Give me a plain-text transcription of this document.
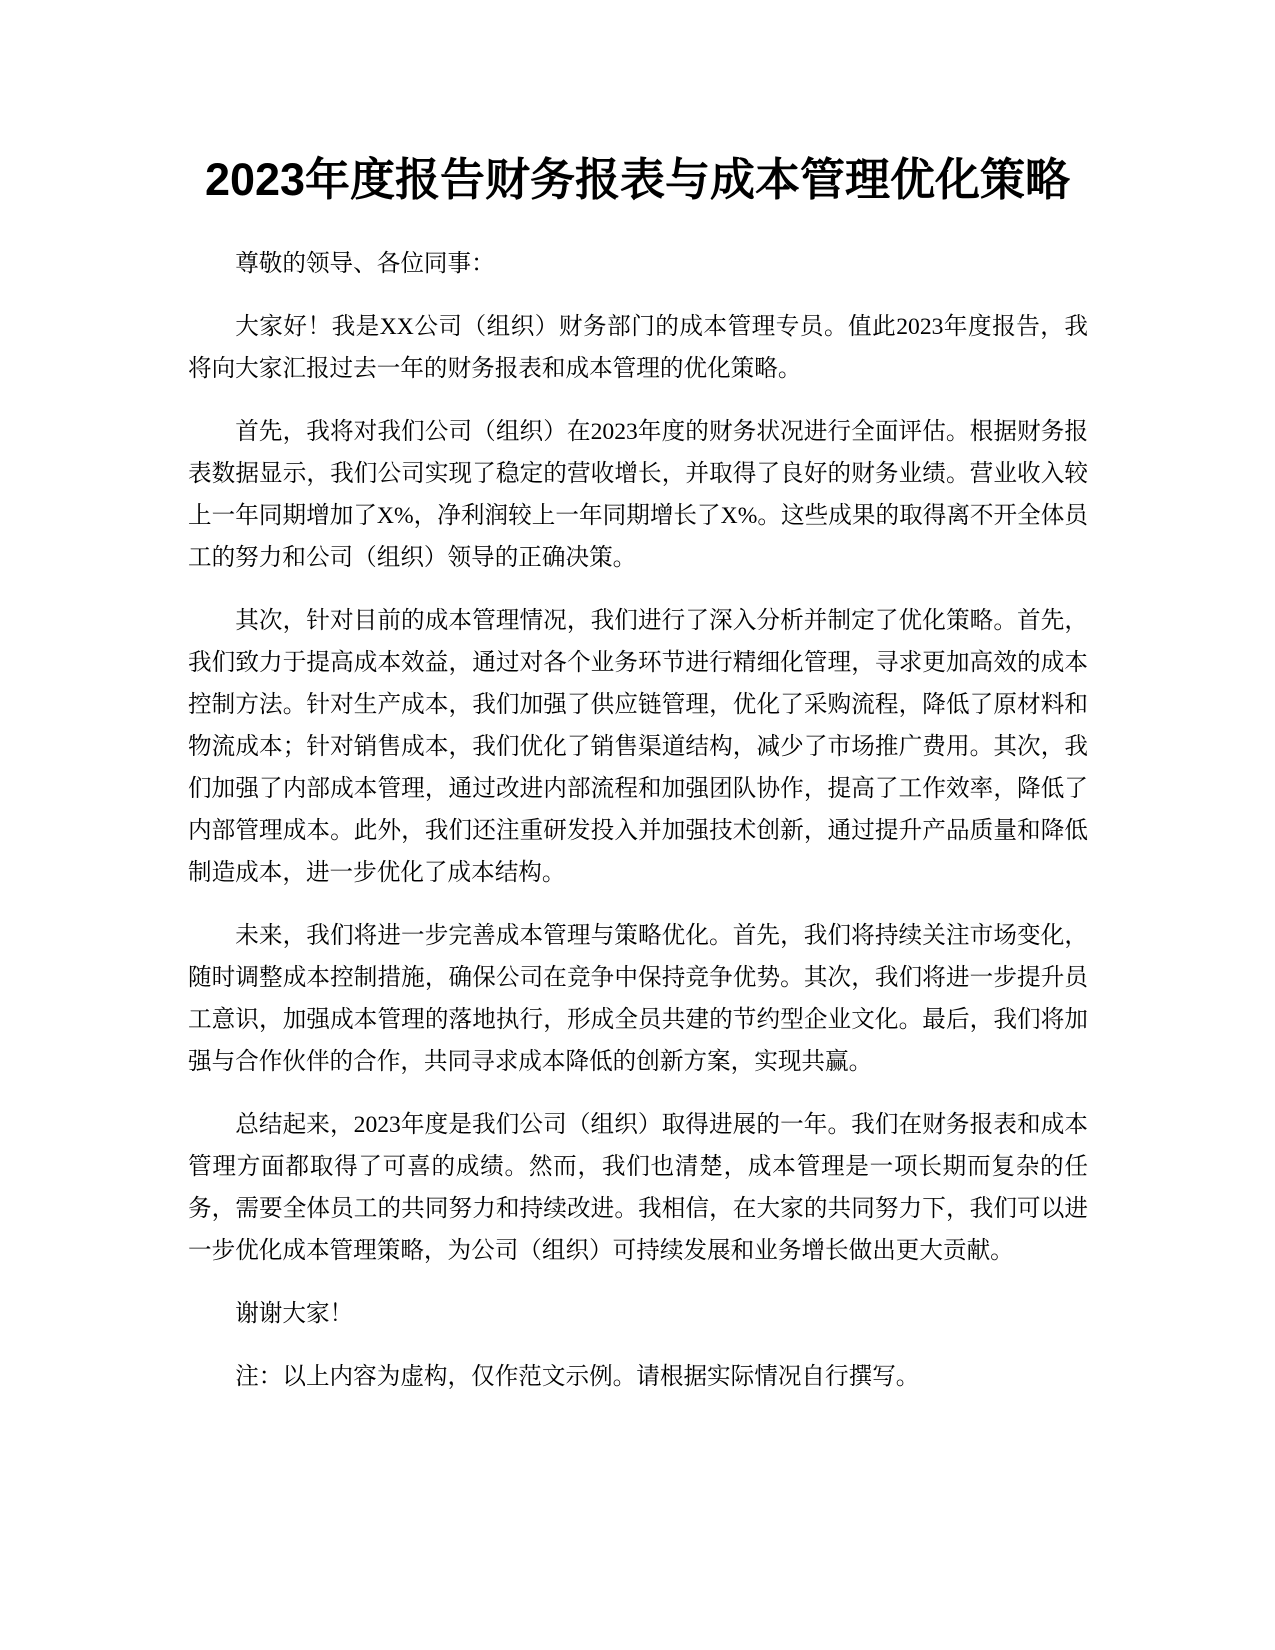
2023年度报告财务报表与成本管理优化策略

尊敬的领导、各位同事：

大家好！我是XX公司（组织）财务部门的成本管理专员。值此2023年度报告，我将向大家汇报过去一年的财务报表和成本管理的优化策略。

首先，我将对我们公司（组织）在2023年度的财务状况进行全面评估。根据财务报表数据显示，我们公司实现了稳定的营收增长，并取得了良好的财务业绩。营业收入较上一年同期增加了X%，净利润较上一年同期增长了X%。这些成果的取得离不开全体员工的努力和公司（组织）领导的正确决策。

其次，针对目前的成本管理情况，我们进行了深入分析并制定了优化策略。首先，我们致力于提高成本效益，通过对各个业务环节进行精细化管理，寻求更加高效的成本控制方法。针对生产成本，我们加强了供应链管理，优化了采购流程，降低了原材料和物流成本；针对销售成本，我们优化了销售渠道结构，减少了市场推广费用。其次，我们加强了内部成本管理，通过改进内部流程和加强团队协作，提高了工作效率，降低了内部管理成本。此外，我们还注重研发投入并加强技术创新，通过提升产品质量和降低制造成本，进一步优化了成本结构。

未来，我们将进一步完善成本管理与策略优化。首先，我们将持续关注市场变化，随时调整成本控制措施，确保公司在竞争中保持竞争优势。其次，我们将进一步提升员工意识，加强成本管理的落地执行，形成全员共建的节约型企业文化。最后，我们将加强与合作伙伴的合作，共同寻求成本降低的创新方案，实现共赢。

总结起来，2023年度是我们公司（组织）取得进展的一年。我们在财务报表和成本管理方面都取得了可喜的成绩。然而，我们也清楚，成本管理是一项长期而复杂的任务，需要全体员工的共同努力和持续改进。我相信，在大家的共同努力下，我们可以进一步优化成本管理策略，为公司（组织）可持续发展和业务增长做出更大贡献。

谢谢大家！

注：以上内容为虚构，仅作范文示例。请根据实际情况自行撰写。
